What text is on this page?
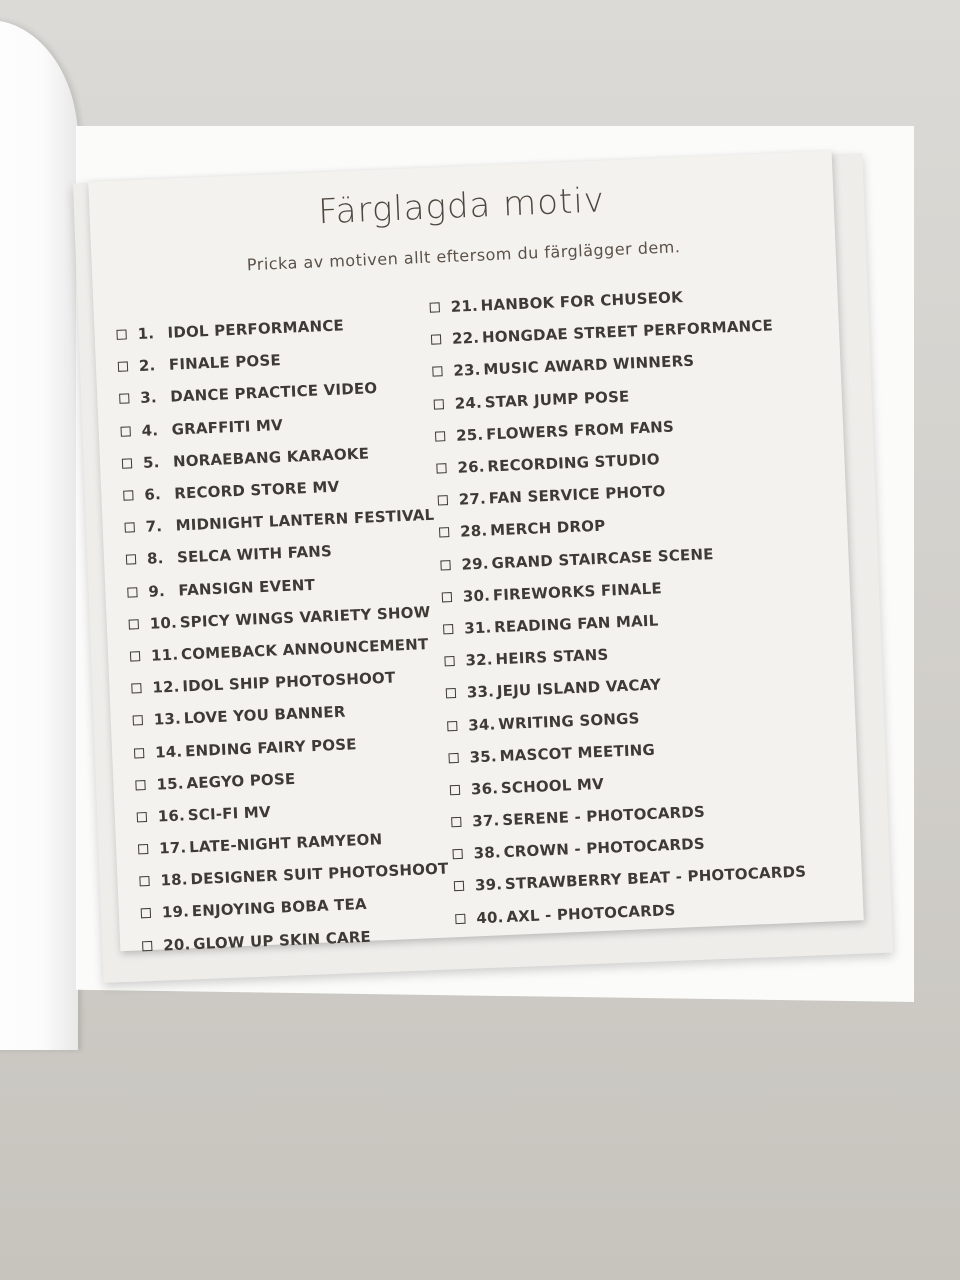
Färglagda motiv

Pricka av motiven allt eftersom du färglägger dem.

1. IDOL PERFORMANCE
2. FINALE POSE
3. DANCE PRACTICE VIDEO
4. GRAFFITI MV
5. NORAEBANG KARAOKE
6. RECORD STORE MV
7. MIDNIGHT LANTERN FESTIVAL
8. SELCA WITH FANS
9. FANSIGN EVENT
10. SPICY WINGS VARIETY SHOW
11. COMEBACK ANNOUNCEMENT
12. IDOL SHIP PHOTOSHOOT
13. LOVE YOU BANNER
14. ENDING FAIRY POSE
15. AEGYO POSE
16. SCI-FI MV
17. LATE-NIGHT RAMYEON
18. DESIGNER SUIT PHOTOSHOOT
19. ENJOYING BOBA TEA
20. GLOW UP SKIN CARE
21. HANBOK FOR CHUSEOK
22. HONGDAE STREET PERFORMANCE
23. MUSIC AWARD WINNERS
24. STAR JUMP POSE
25. FLOWERS FROM FANS
26. RECORDING STUDIO
27. FAN SERVICE PHOTO
28. MERCH DROP
29. GRAND STAIRCASE SCENE
30. FIREWORKS FINALE
31. READING FAN MAIL
32. HEIRS STANS
33. JEJU ISLAND VACAY
34. WRITING SONGS
35. MASCOT MEETING
36. SCHOOL MV
37. SERENE - PHOTOCARDS
38. CROWN - PHOTOCARDS
39. STRAWBERRY BEAT - PHOTOCARDS
40. AXL - PHOTOCARDS
